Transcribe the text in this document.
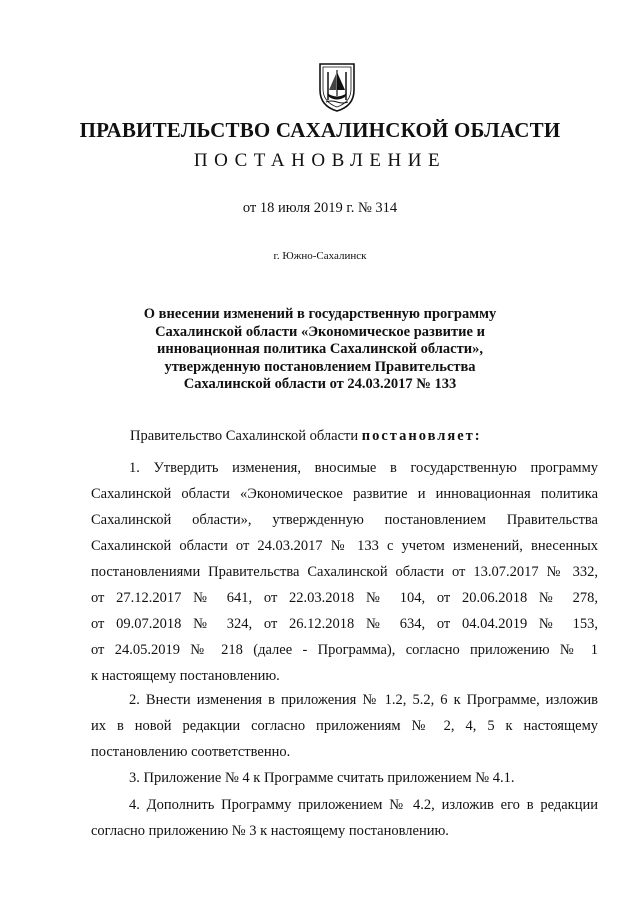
ПРАВИТЕЛЬСТВО САХАЛИНСКОЙ ОБЛАСТИ
ПОСТАНОВЛЕНИЕ
от 18 июля 2019 г. № 314
г. Южно-Сахалинск
О внесении изменений в государственную программу
Сахалинской области «Экономическое развитие и
инновационная политика Сахалинской области»,
утвержденную постановлением Правительства
Сахалинской области от 24.03.2017 № 133
Правительство Сахалинской области постановляет:
1. Утвердить изменения, вносимые в государственную программу
Сахалинской области «Экономическое развитие и инновационная политика
Сахалинской области», утвержденную постановлением Правительства
Сахалинской области от 24.03.2017 № 133 с учетом изменений, внесенных
постановлениями Правительства Сахалинской области от 13.07.2017 № 332,
от 27.12.2017 № 641, от 22.03.2018 № 104, от 20.06.2018 № 278,
от 09.07.2018 № 324, от 26.12.2018 № 634, от 04.04.2019 № 153,
от 24.05.2019 № 218 (далее - Программа), согласно приложению № 1
к настоящему постановлению.
2. Внести изменения в приложения № 1.2, 5.2, 6 к Программе, изложив
их в новой редакции согласно приложениям № 2, 4, 5 к настоящему
постановлению соответственно.
3. Приложение № 4 к Программе считать приложением № 4.1.
4. Дополнить Программу приложением № 4.2, изложив его в редакции
согласно приложению № 3 к настоящему постановлению.
